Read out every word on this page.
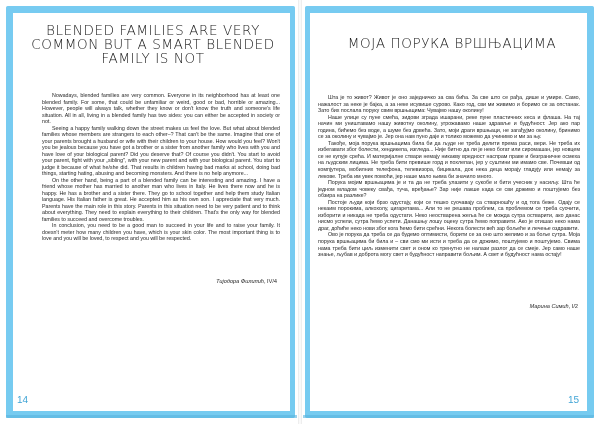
BLENDED FAMILIES ARE VERY COMMON BUT A SMART BLENDED FAMILY IS NOT

Nowadays, blended families are very common. Everyone in its neighborhood has at least one blended family. For some, that could be unfamiliar or weird, good or bad, horrible or amazing... However, people will always talk, whether they know or don't know the truth and someone's life situation. All in all, living in a blended family has two sides: you can either be accepted in society or not.

Seeing a happy family walking down the street makes us feel the love. But what about blended families whose members are strangers to each other–? That can't be the same. Imagine that one of your parents brought a husband or wife with their children to your house. How would you feel? Won't you be jealous because you have got a brother or a sister from another family who lives with you and have love of your biological parent? Did you deserve that? Of course you didn't. You start to avoid your parent, fight with your „sibling", with your new parent and with your biological parent. You start to judge it because of what he/she did. That results in children having bad marks at school, doing bad things, starting hating, abusing and becoming monsters. And there is no help anymore...

On the other hand, being a part of a blended family can be interesting and amazing. I have a friend whose mother has married to another man who lives in Italy. He lives there now and he is happy. He has a brother and a sister there. They go to school together and help them study Italian language. His Italian father is great. He accepted him as his own son. I appreciate that very much. Parents have the main role in this story. Parents in this situation need to be very patient and to think about everything. They need to explain everything to their children. That's the only way for blended families to succeed and overcome troubles.

In conclusion, you need to be a good man to succeed in your life and to raise your family. It doesn't meter how many children you have, which is your skin color. The most important thing is to love and you will be loved, to respect and you will be respected.

Тијодора Филипић, IV/4
14
МОЈА ПОРУКА ВРШЊАЦИМА

Шта је то живот? Живот је оно заједничко за сва бића. За све што се рађа, дише и умире. Само, нажалост за неке је бајка, а за неке исувише сурово. Како год, сви ми живимо и боримо се за опстанак. Зато бих послала поруку свим вршњацима: Чувајмо нашу околину!

Наше улице су пуне смећа, зидови зграда ишарани, реке пуне пластичних кеса и флаша. На тај начин ми уништавамо нашу животну околину, угрожавамо наше здравље и будућност. Јер ако пар година, бићемо без воде, а шуме без дрвећа. Зато, моји драги вршњаци, не загађујмо околину, бринимо се за околину и чувајмо је. Јер она нам пуно даје и толико можемо да учинимо и ми за њу.

Такође, моја порука вршњацима била би да људе не треба делити према раси, вери. Не треба их избегавати због болести, хендикепа, изгледа... Није битно да ли је неко богат или сиромашан, јер новцем се не купује срећа. И материјалне ствари немају никакву вредност наспрам праве и безграничне осмеха на људским лицима. Не треба бити превише горд и похлепан, јер у суштини ми имамо све. Почевши од компјутера, мобилних телефона, телевизора, бицикала, док нека деца морају гладују или немају за лекове. Треба им увек помоћи, јер наше мало њима би значило много.

Порука мојим вршњацима је и та да не треба улазити у сукобе и бити учесник у насиљу. Шта ће једном младом човеку свађа, туча, вређање? Зар није лакше када се сви држимо и поштујемо без обзира на разлике?

Постоје људи који брзо одустају, који се тешко суочавају са стварношћу и од тога беже. Одају се некаим порокима, алкохолу, цигаретама... Али то не решава проблем, са проблемом се треба суочити, изборити и никада не треба одустати. Неко неостварена жеља ће се можда сутра остварити, ако данас нисмо успели, сутра ћемо успети. Данашњу лошу оцену сутра ћемо поправити. Ако је отишао неко нама драг, доћиће неко нови због кога ћемо бити срећни. Некога болести већ зар бољеће и лечење оздравити.

Ово је порука да треба се да будемо оптимисти, борити се за оно што желимо и за боље сутра. Моја порука вршњацима би била и – сви смо ми исти и треба да се држимо, поштујемо и поштујемо. Свима нама треба бити циљ изменити свет и оном ко тренутно не налази разлог да се смеје. Јер само наше знање, љубав и доброта могу свет и будућност направити бољим. А свет и будућност нама остају!

Марина Симић, I/2
15
